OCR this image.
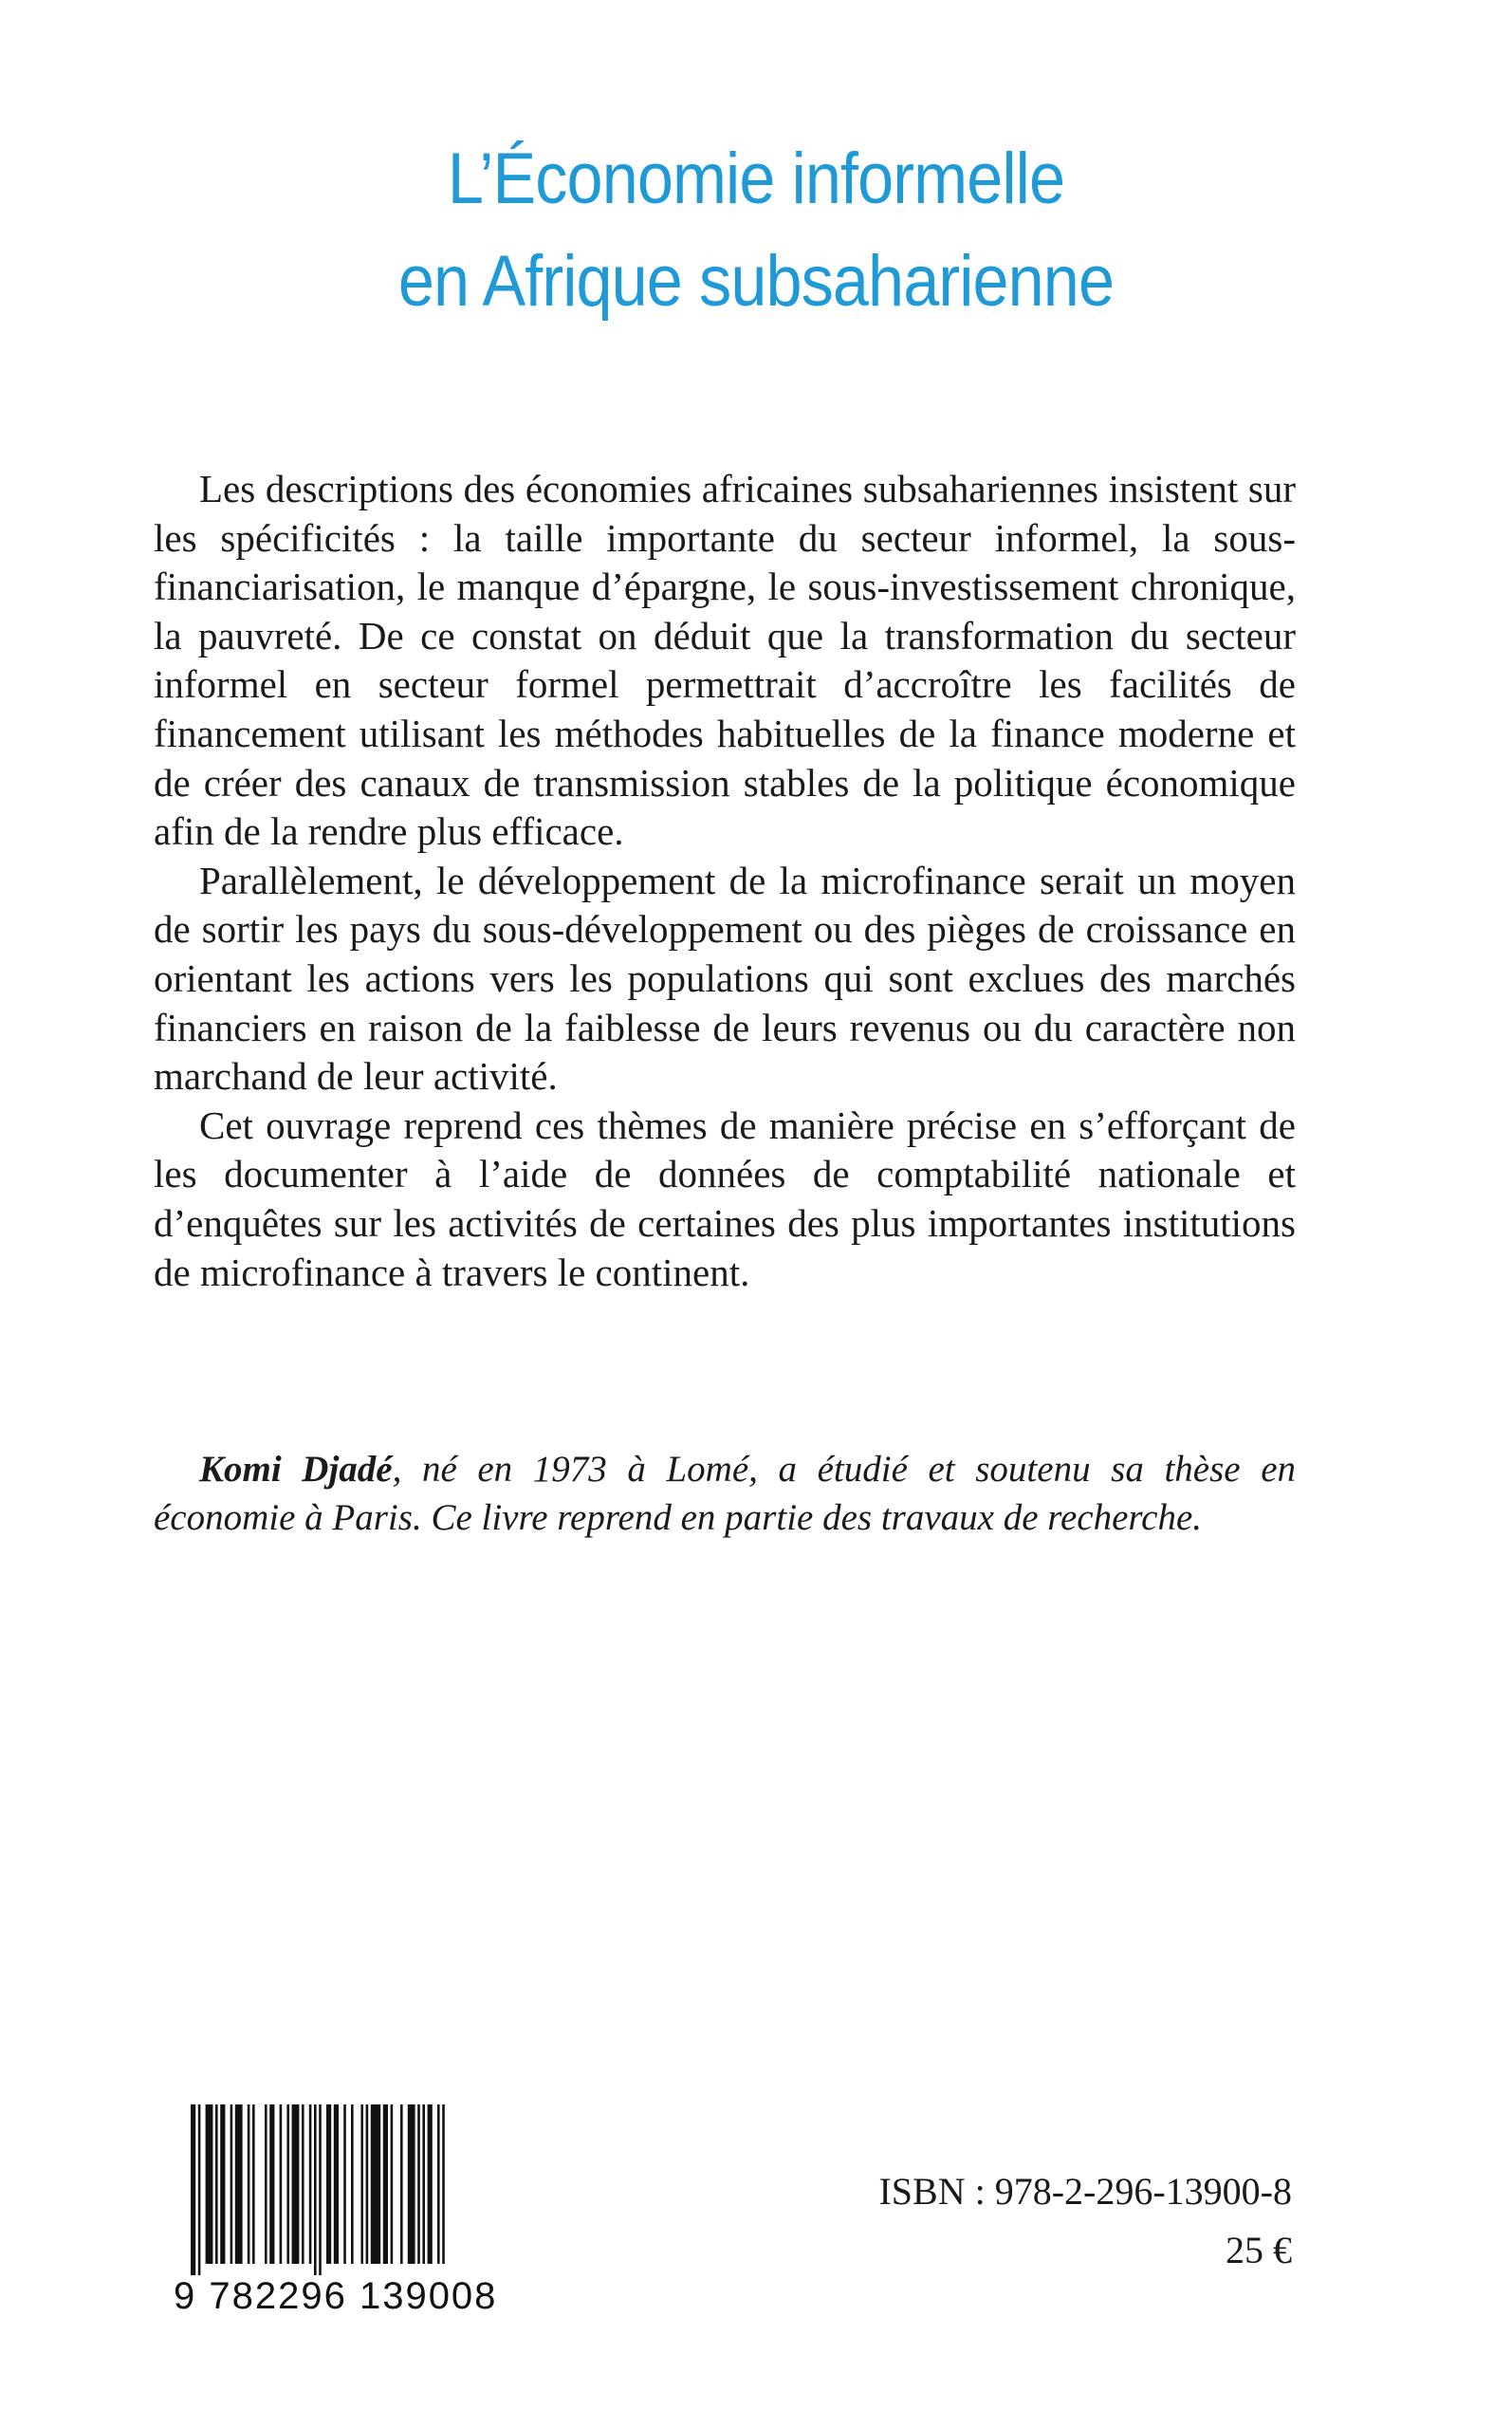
L’Économie informelle
en Afrique subsaharienne

Les descriptions des économies africaines subsahariennes insistent sur les spécificités : la taille importante du secteur informel, la sous-financiarisation, le manque d’épargne, le sous-investissement chronique, la pauvreté. De ce constat on déduit que la transformation du secteur informel en secteur formel permettrait d’accroître les facilités de financement utilisant les méthodes habituelles de la finance moderne et de créer des canaux de transmission stables de la politique économique afin de la rendre plus efficace.

Parallèlement, le développement de la microfinance serait un moyen de sortir les pays du sous-développement ou des pièges de croissance en orientant les actions vers les populations qui sont exclues des marchés financiers en raison de la faiblesse de leurs revenus ou du caractère non marchand de leur activité.

Cet ouvrage reprend ces thèmes de manière précise en s’efforçant de les documenter à l’aide de données de comptabilité nationale et d’enquêtes sur les activités de certaines des plus importantes institutions de microfinance à travers le continent.

Komi Djadé, né en 1973 à Lomé, a étudié et soutenu sa thèse en économie à Paris. Ce livre reprend en partie des travaux de recherche.

9 782296 139008
ISBN : 978-2-296-13900-8
25 €
